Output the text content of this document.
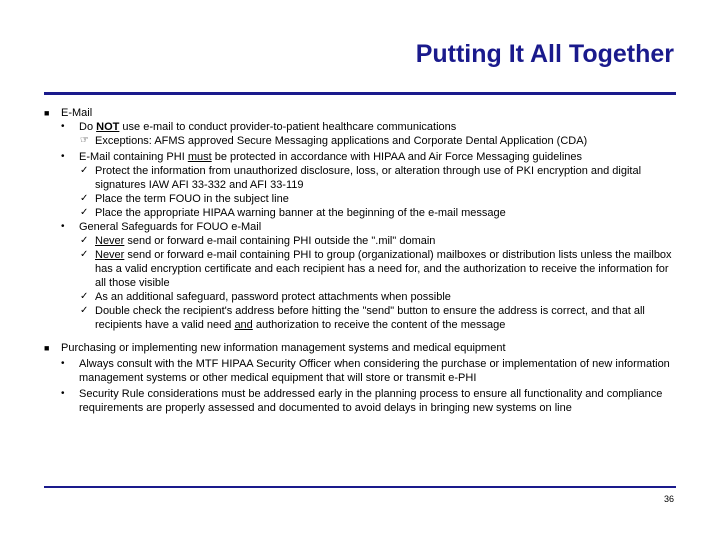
Putting It All Together
■	E-Mail
•	Do NOT use e-mail to conduct provider-to-patient healthcare communications
☞ Exceptions: AFMS approved Secure Messaging applications and Corporate Dental Application (CDA)
•	E-Mail containing PHI must be protected in accordance with HIPAA and Air Force Messaging guidelines
✓ Protect the information from unauthorized disclosure, loss, or alteration through use of PKI encryption and digital signatures IAW AFI 33-332 and AFI 33-119
✓ Place the term FOUO in the subject line
✓ Place the appropriate HIPAA warning banner at the beginning of the e-mail message
•	General Safeguards for FOUO e-Mail
✓ Never send or forward e-mail containing PHI outside the ".mil" domain
✓ Never send or forward e-mail containing PHI to group (organizational) mailboxes or distribution lists unless the mailbox has a valid encryption certificate and each recipient has a need for, and the authorization to receive the information for all those visible
✓ As an additional safeguard, password protect attachments when possible
✓ Double check the recipient's address before hitting the "send" button to ensure the address is correct, and that all recipients have a valid need and authorization to receive the content of the message
■	Purchasing or implementing new information management systems and medical equipment
•	Always consult with the MTF HIPAA Security Officer when considering the purchase or implementation of new information management systems or other medical equipment that will store or transmit e-PHI
•	Security Rule considerations must be addressed early in the planning process to ensure all functionality and compliance requirements are properly assessed and documented to avoid delays in bringing new systems on line
36
